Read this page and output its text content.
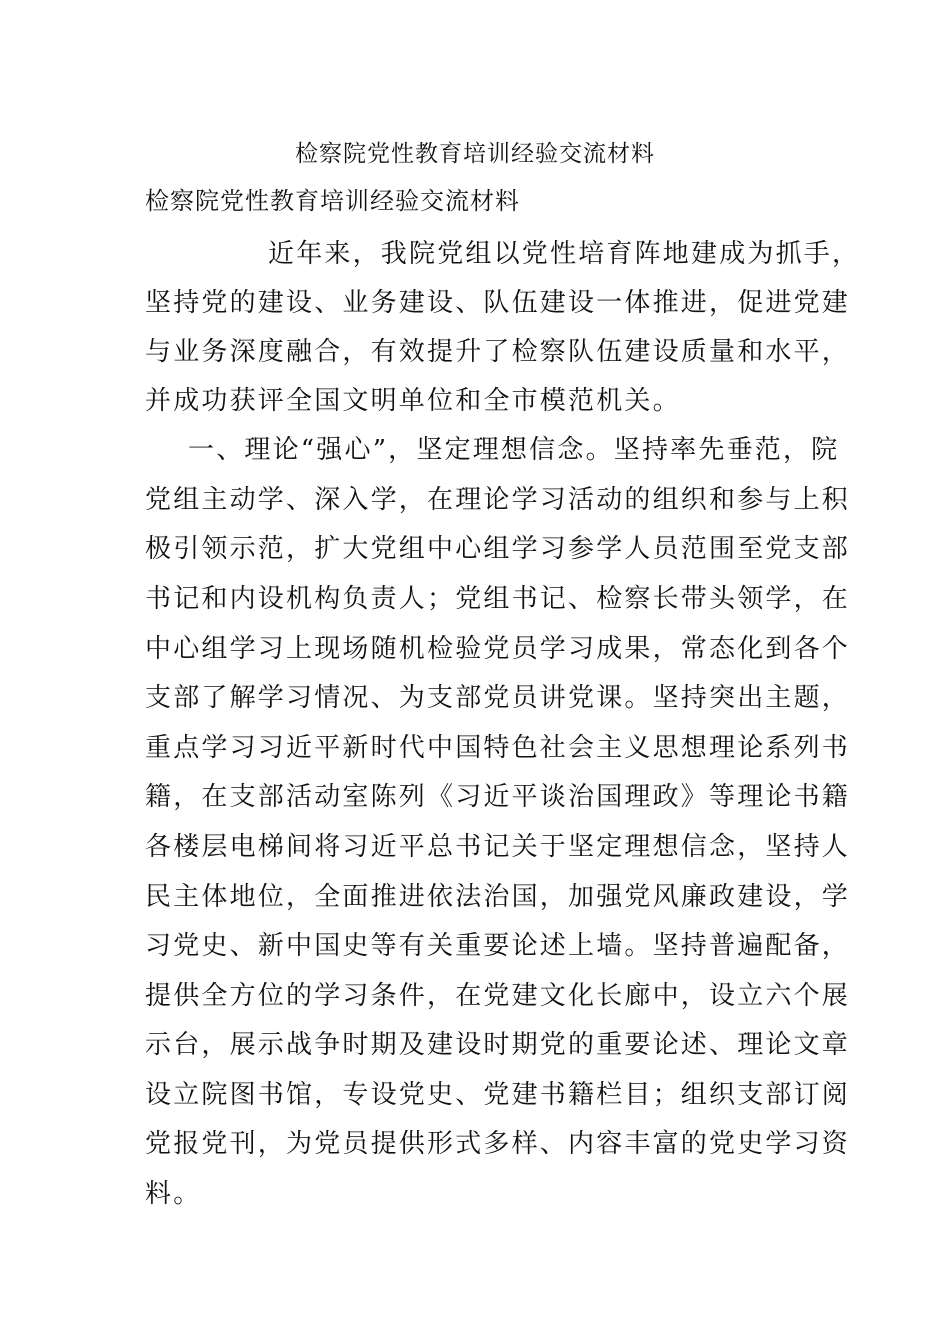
检察院党性教育培训经验交流材料
检察院党性教育培训经验交流材料
近年来，我院党组以党性培育阵地建成为抓手，
坚持党的建设、业务建设、队伍建设一体推进，促进党建
与业务深度融合，有效提升了检察队伍建设质量和水平，
并成功获评全国文明单位和全市模范机关。
一、理论“强心”，坚定理想信念。坚持率先垂范，院
党组主动学、深入学，在理论学习活动的组织和参与上积
极引领示范，扩大党组中心组学习参学人员范围至党支部
书记和内设机构负责人；党组书记、检察长带头领学，在
中心组学习上现场随机检验党员学习成果，常态化到各个
支部了解学习情况、为支部党员讲党课。坚持突出主题，
重点学习习近平新时代中国特色社会主义思想理论系列书
籍，在支部活动室陈列《习近平谈治国理政》等理论书籍
各楼层电梯间将习近平总书记关于坚定理想信念，坚持人
民主体地位，全面推进依法治国，加强党风廉政建设，学
习党史、新中国史等有关重要论述上墙。坚持普遍配备，
提供全方位的学习条件，在党建文化长廊中，设立六个展
示台，展示战争时期及建设时期党的重要论述、理论文章
设立院图书馆，专设党史、党建书籍栏目；组织支部订阅
党报党刊，为党员提供形式多样、内容丰富的党史学习资
料。
